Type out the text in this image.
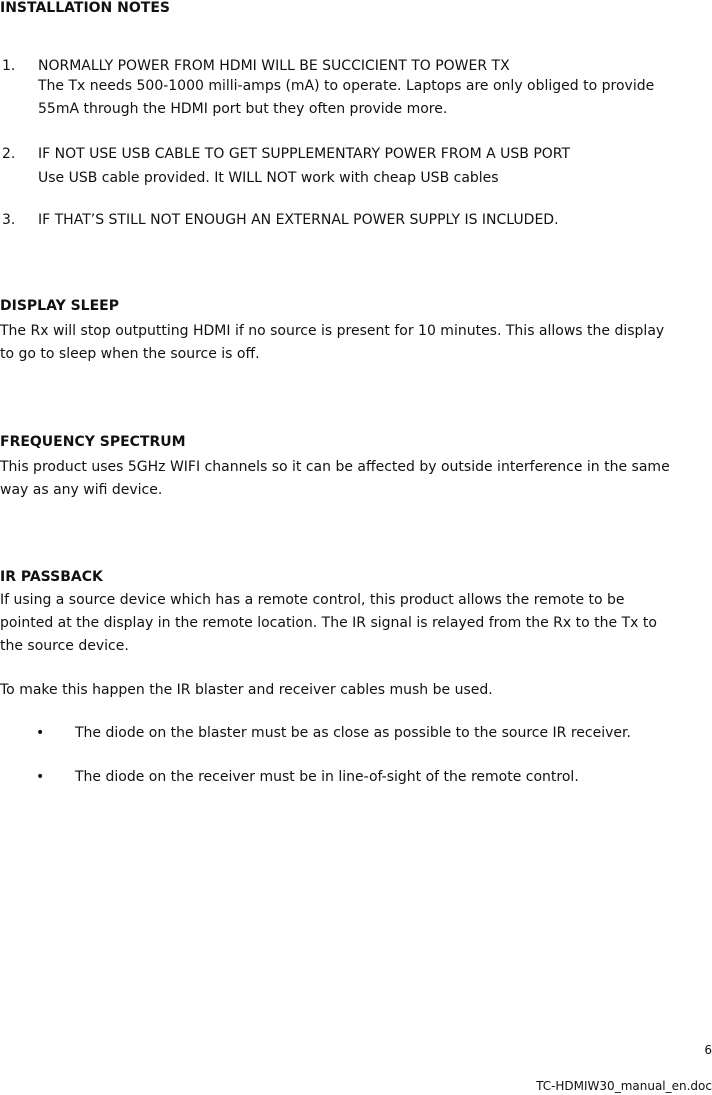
INSTALLATION NOTES
1. NORMALLY POWER FROM HDMI WILL BE SUCCICIENT TO POWER TX
The Tx needs 500-1000 milli-amps (mA) to operate. Laptops are only obliged to provide
55mA through the HDMI port but they often provide more.
2. IF NOT USE USB CABLE TO GET SUPPLEMENTARY POWER FROM A USB PORT
Use USB cable provided. It WILL NOT work with cheap USB cables
3. IF THAT’S STILL NOT ENOUGH AN EXTERNAL POWER SUPPLY IS INCLUDED.
DISPLAY SLEEP
The Rx will stop outputting HDMI if no source is present for 10 minutes. This allows the display
to go to sleep when the source is off.
FREQUENCY SPECTRUM
This product uses 5GHz WIFI channels so it can be affected by outside interference in the same
way as any wifi device.
IR PASSBACK
If using a source device which has a remote control, this product allows the remote to be
pointed at the display in the remote location. The IR signal is relayed from the Rx to the Tx to
the source device.
To make this happen the IR blaster and receiver cables mush be used.
• The diode on the blaster must be as close as possible to the source IR receiver.
• The diode on the receiver must be in line-of-sight of the remote control.
6
TC-HDMIW30_manual_en.doc
